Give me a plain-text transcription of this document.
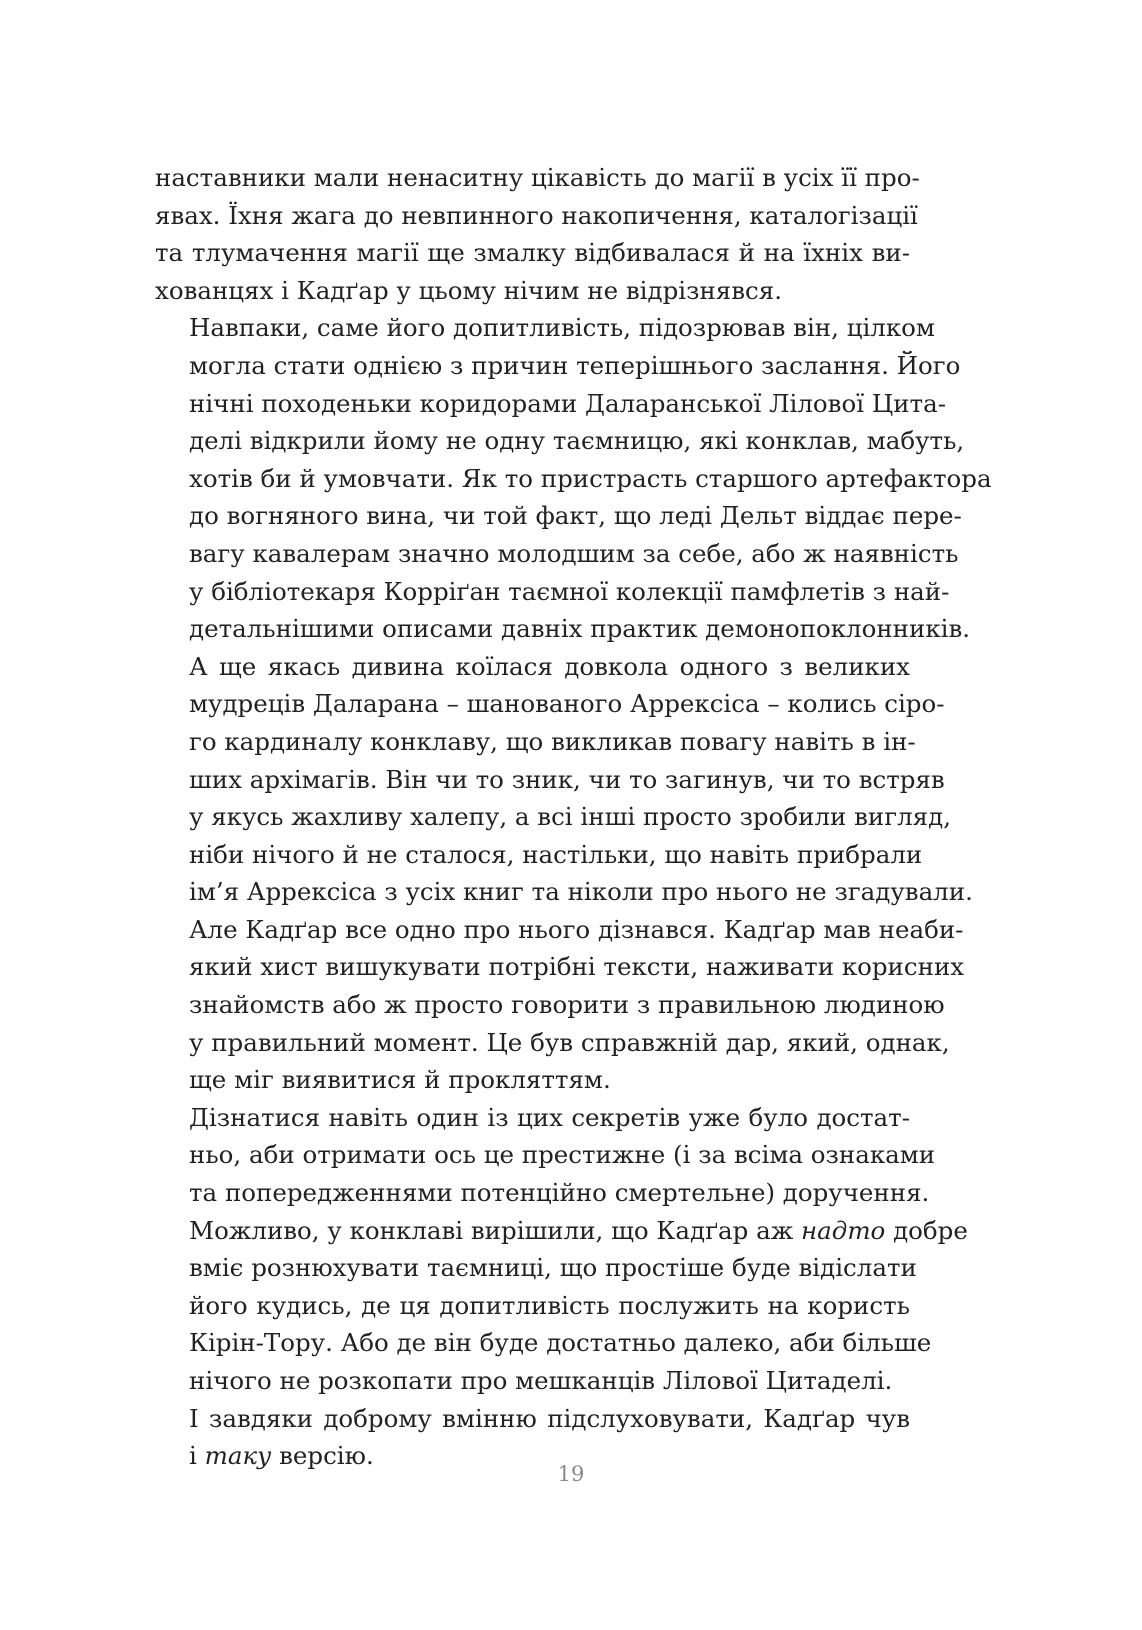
наставники мали ненаситну цікавість до магії в усіх її про-
явах. Їхня жага до невпинного накопичення, каталогізації
та тлумачення магії ще змалку відбивалася й на їхніх ви-
хованцях і Кадґар у цьому нічим не відрізнявся.

Навпаки, саме його допитливість, підозрював він, цілком
могла стати однією з причин теперішнього заслання. Його
нічні походеньки коридорами Даларанської Лілової Цита-
делі відкрили йому не одну таємницю, які конклав, мабуть,
хотів би й умовчати. Як то пристрасть старшого артефактора
до вогняного вина, чи той факт, що леді Дельт віддає пере-
вагу кавалерам значно молодшим за себе, або ж наявність
у бібліотекаря Корріґан таємної колекції памфлетів з най-
детальнішими описами давніх практик демонопоклонників.

А ще якась дивина коїлася довкола одного з великих
мудреців Даларана – шанованого Аррексіса – колись сіро-
го кардиналу конклаву, що викликав повагу навіть в ін-
ших архімагів. Він чи то зник, чи то загинув, чи то встряв
у якусь жахливу халепу, а всі інші просто зробили вигляд,
ніби нічого й не сталося, настільки, що навіть прибрали
ім’я Аррексіса з усіх книг та ніколи про нього не згадували.
Але Кадґар все одно про нього дізнався. Кадґар мав неаби-
який хист вишукувати потрібні тексти, наживати корисних
знайомств або ж просто говорити з правильною людиною
у правильний момент. Це був справжній дар, який, однак,
ще міг виявитися й прокляттям.

Дізнатися навіть один із цих секретів уже було достат-
ньо, аби отримати ось це престижне (і за всіма ознаками
та попередженнями потенційно смертельне) доручення.
Можливо, у конклаві вирішили, що Кадґар аж надто добре
вміє рознюхувати таємниці, що простіше буде відіслати
його кудись, де ця допитливість послужить на користь
Кірін-Тору. Або де він буде достатньо далеко, аби більше
нічого не розкопати про мешканців Лілової Цитаделі.

І завдяки доброму вмінню підслуховувати, Кадґар чув
і таку версію.

19
